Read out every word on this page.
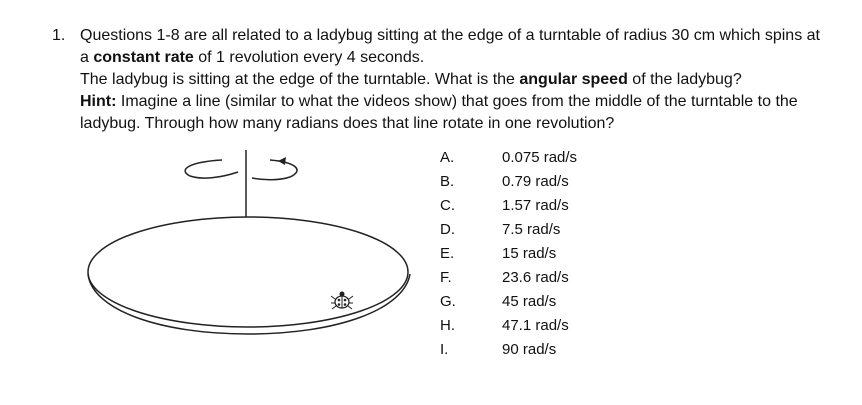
1. Questions 1-8 are all related to a ladybug sitting at the edge of a turntable of radius 30 cm which spins at a constant rate of 1 revolution every 4 seconds.

The ladybug is sitting at the edge of the turntable. What is the angular speed of the ladybug?

Hint: Imagine a line (similar to what the videos show) that goes from the middle of the turntable to the ladybug. Through how many radians does that line rotate in one revolution?

A.	0.075 rad/s
B.	0.79 rad/s
C.	1.57 rad/s
D.	7.5 rad/s
E.	15 rad/s
F.	23.6 rad/s
G.	45 rad/s
H.	47.1 rad/s
I.	90 rad/s
